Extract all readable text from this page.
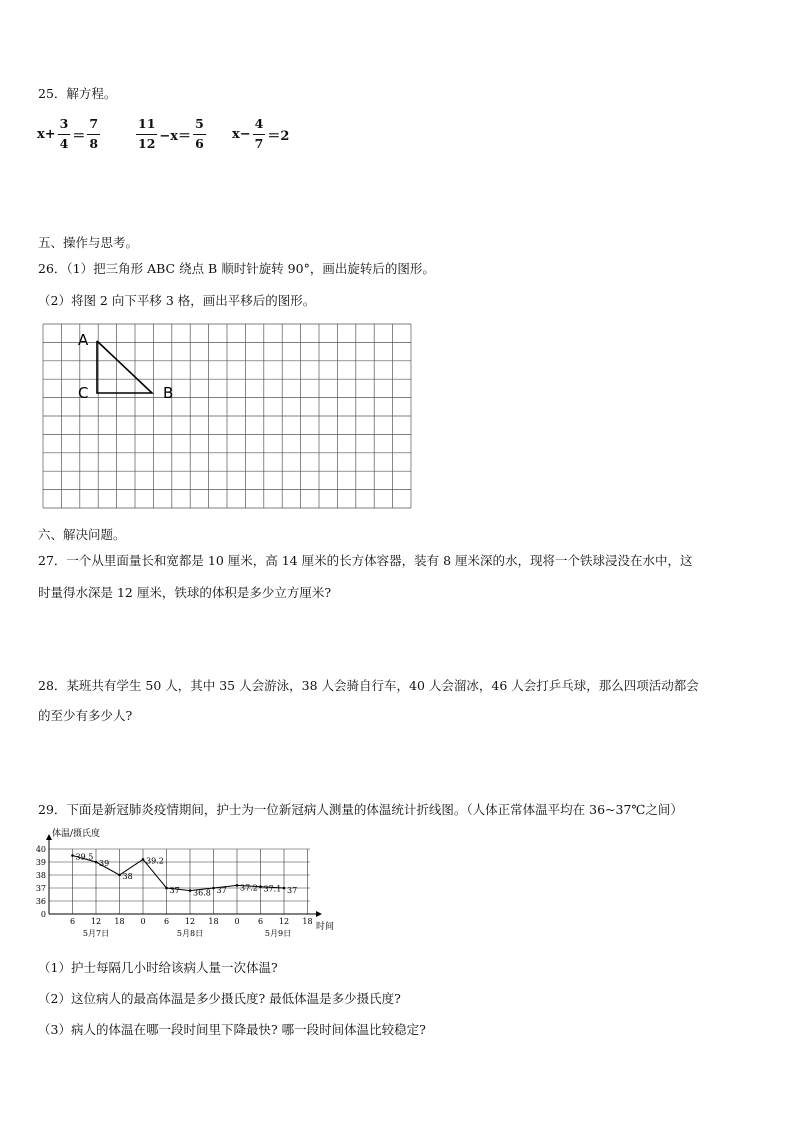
25．解方程。
$x+ \frac{3}{4} = \frac{7}{8}$	$\frac{11}{12} -x= \frac{5}{6} x- \frac{4}{7} =2$
五、操作与思考。
26．（1）把三角形 ABC 绕点 B 顺时针旋转 90°，画出旋转后的图形。
（2）将图 2 向下平移 3 格，画出平移后的图形。
A
C	B
六、解决问题。
27．一个从里面量长和宽都是 10 厘米，高 14 厘米的长方体容器，装有 8 厘米深的水，现将一个铁球浸没在水中，这
时量得水深是 12 厘米，铁球的体积是多少立方厘米?
28．某班共有学生 50 人，其中 35 人会游泳，38 人会骑自行车，40 人会溜冰，46 人会打乒乓球，那么四项活动都会
的至少有多少人?
29．下面是新冠肺炎疫情期间，护士为一位新冠病人测量的体温统计折线图。（人体正常体温平均在 36~37℃之间）
0
36
37
38
39
40
6 12 18 0 6 12 18 0 6 12 18
5月7日	5月8日	5月9日
39.5
39
38
39.2
37 36.8 37 37.2 37.1 37
体温/摄氏度
时间
（1）护士每隔几小时给该病人量一次体温?
（2）这位病人的最高体温是多少摄氏度? 最低体温是多少摄氏度?
（3）病人的体温在哪一段时间里下降最快? 哪一段时间体温比较稳定?
